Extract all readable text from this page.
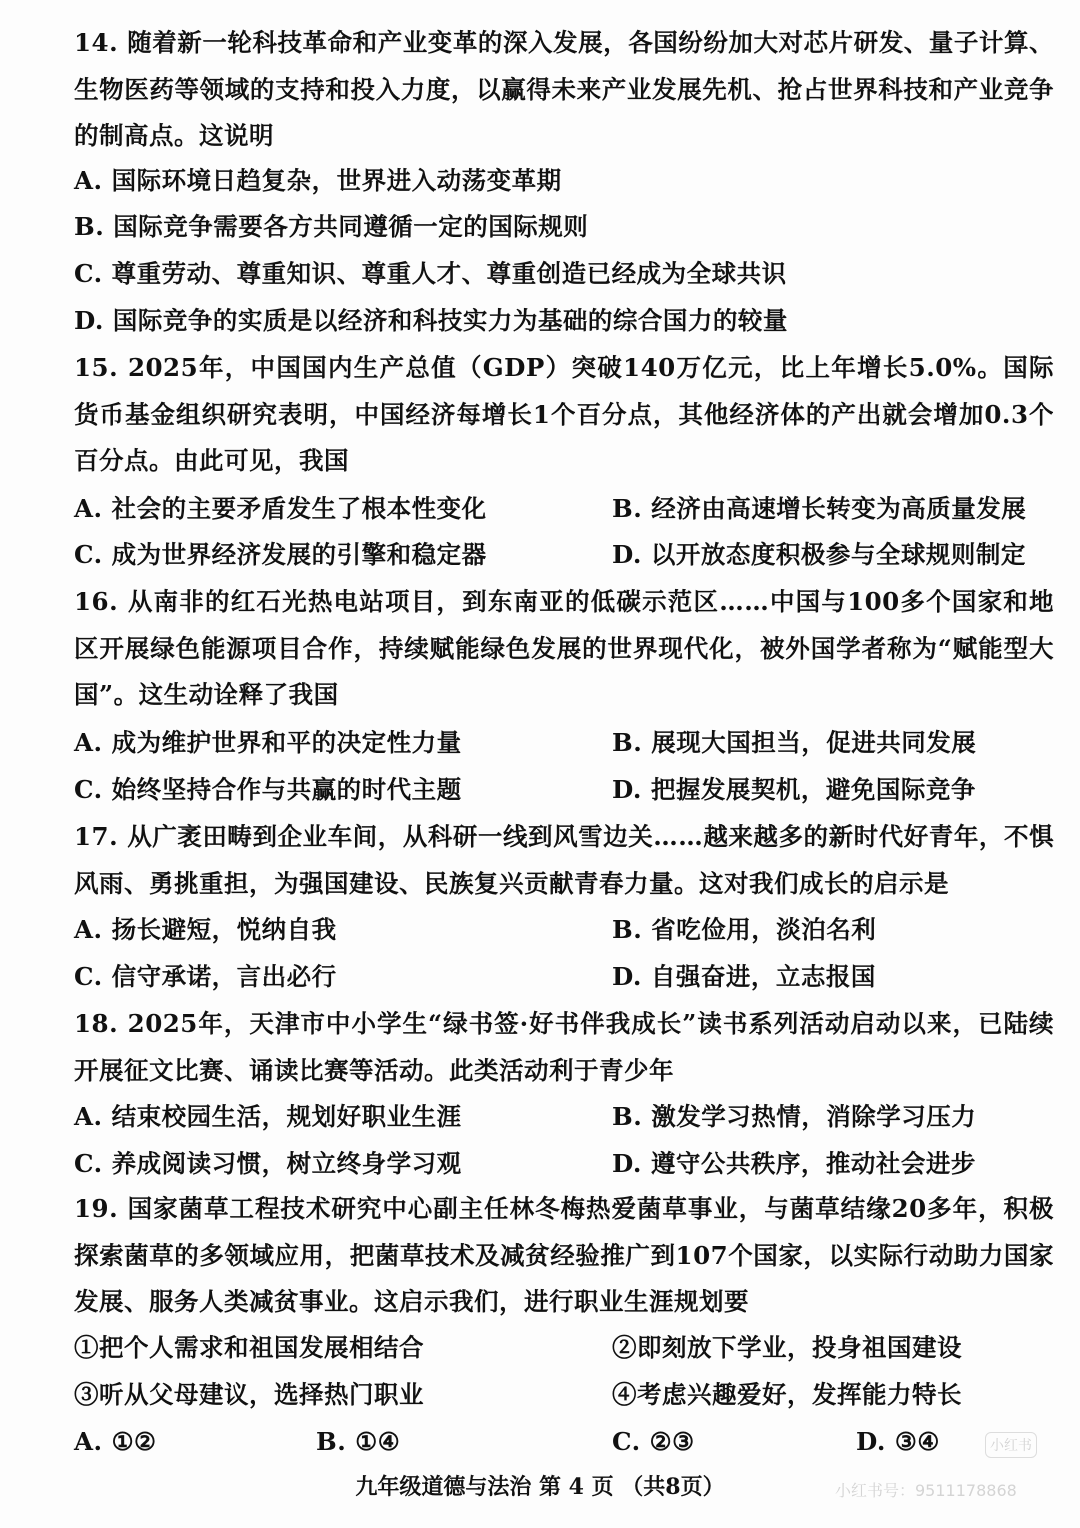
14. 随着新一轮科技革命和产业变革的深入发展，各国纷纷加大对芯片研发、量子计算、生物医药等领域的支持和投入力度，以赢得未来产业发展先机、抢占世界科技和产业竞争的制高点。这说明
A. 国际环境日趋复杂，世界进入动荡变革期
B. 国际竞争需要各方共同遵循一定的国际规则
C. 尊重劳动、尊重知识、尊重人才、尊重创造已经成为全球共识
D. 国际竞争的实质是以经济和科技实力为基础的综合国力的较量
15. 2025年，中国国内生产总值（GDP）突破140万亿元，比上年增长5.0%。国际货币基金组织研究表明，中国经济每增长1个百分点，其他经济体的产出就会增加0.3个百分点。由此可见，我国
A. 社会的主要矛盾发生了根本性变化	B. 经济由高速增长转变为高质量发展
C. 成为世界经济发展的引擎和稳定器	D. 以开放态度积极参与全球规则制定
16. 从南非的红石光热电站项目，到东南亚的低碳示范区……中国与100多个国家和地区开展绿色能源项目合作，持续赋能绿色发展的世界现代化，被外国学者称为“赋能型大国”。这生动诠释了我国
A. 成为维护世界和平的决定性力量	B. 展现大国担当，促进共同发展
C. 始终坚持合作与共赢的时代主题	D. 把握发展契机，避免国际竞争
17. 从广袤田畴到企业车间，从科研一线到风雪边关……越来越多的新时代好青年，不惧风雨、勇挑重担，为强国建设、民族复兴贡献青春力量。这对我们成长的启示是
A. 扬长避短，悦纳自我	B. 省吃俭用，淡泊名利
C. 信守承诺，言出必行	D. 自强奋进，立志报国
18. 2025年，天津市中小学生“绿书签·好书伴我成长”读书系列活动启动以来，已陆续开展征文比赛、诵读比赛等活动。此类活动利于青少年
A. 结束校园生活，规划好职业生涯	B. 激发学习热情，消除学习压力
C. 养成阅读习惯，树立终身学习观	D. 遵守公共秩序，推动社会进步
19. 国家菌草工程技术研究中心副主任林冬梅热爱菌草事业，与菌草结缘20多年，积极探索菌草的多领域应用，把菌草技术及减贫经验推广到107个国家，以实际行动助力国家发展、服务人类减贫事业。这启示我们，进行职业生涯规划要
①把个人需求和祖国发展相结合	②即刻放下学业，投身祖国建设
③听从父母建议，选择热门职业	④考虑兴趣爱好，发挥能力特长
A. ①②	B. ①④	C. ②③	D. ③④
九年级道德与法治 第 4 页 （共8页）
小红书
小红书号：9511178868
